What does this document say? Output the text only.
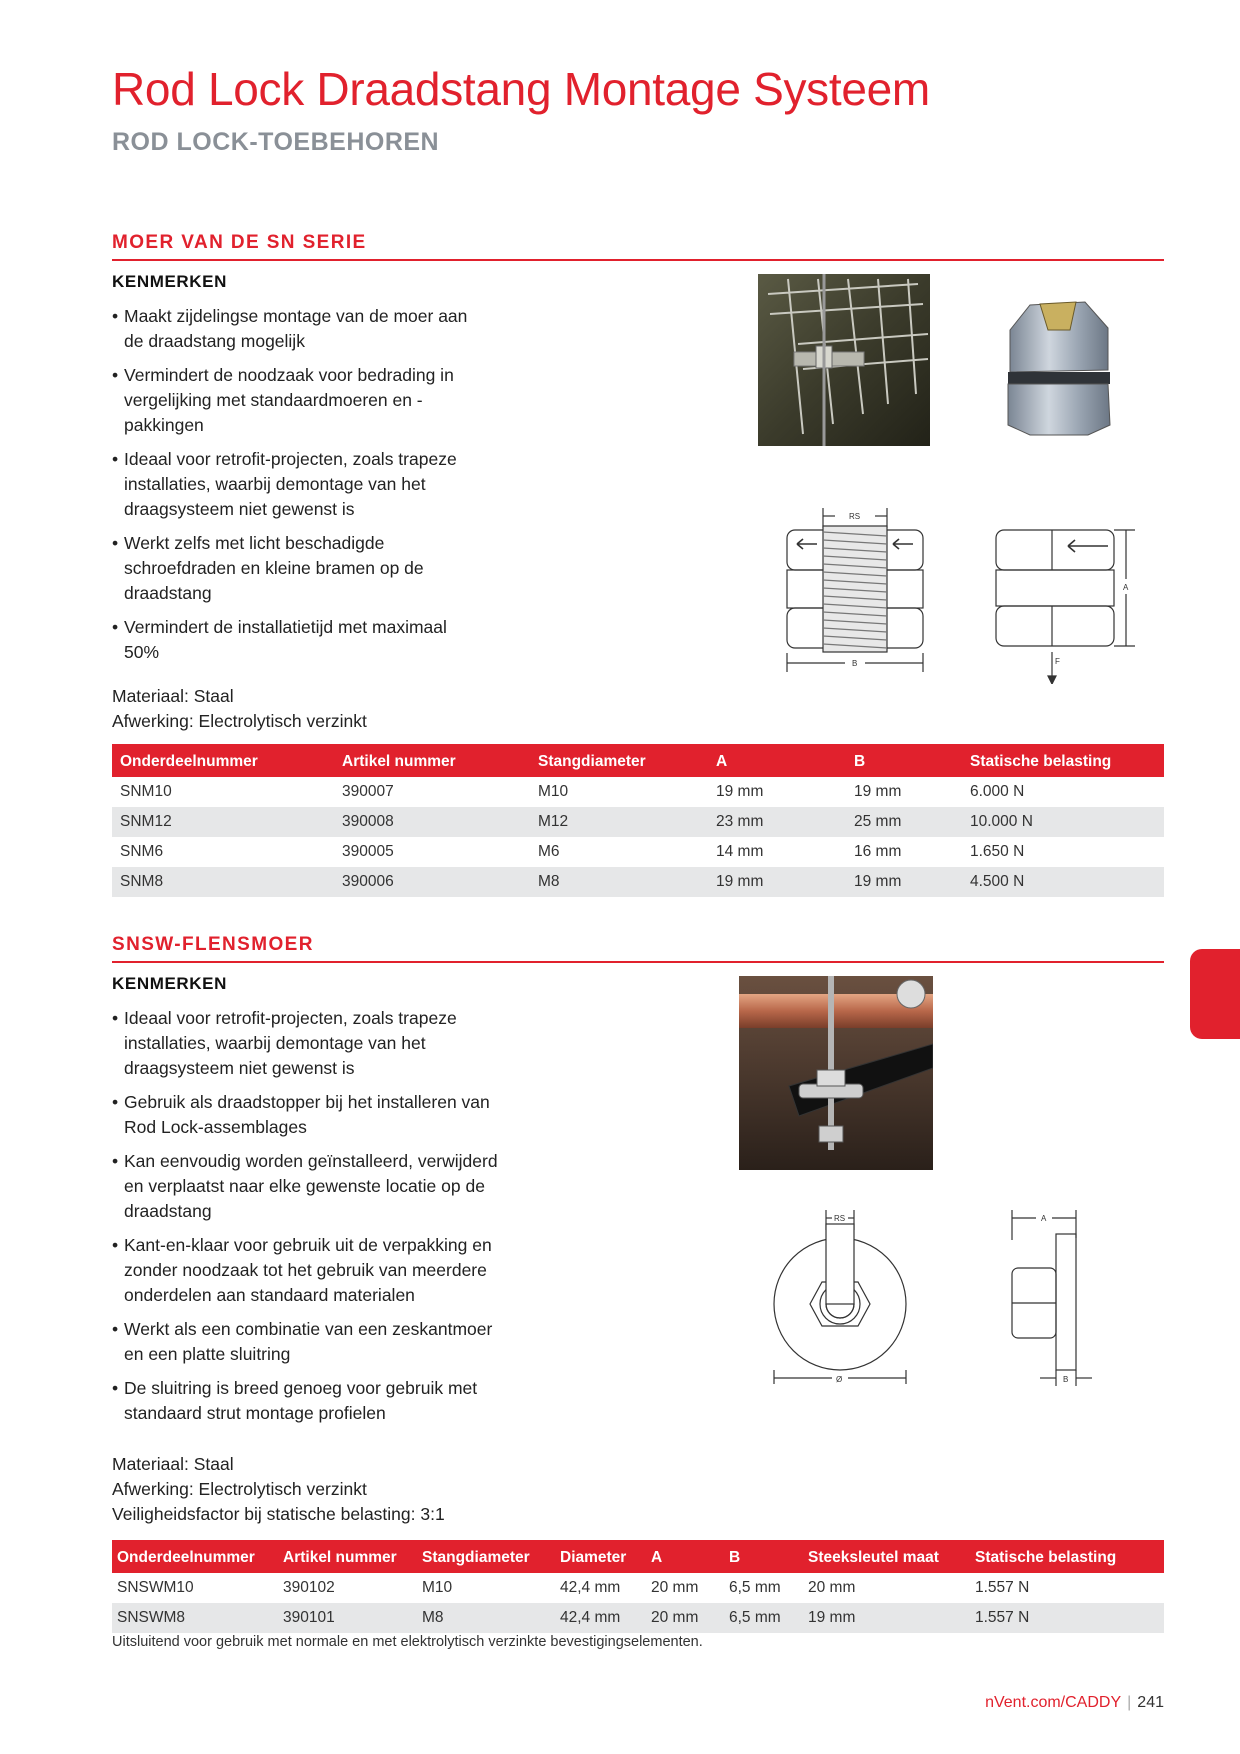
Rod Lock Draadstang Montage Systeem
ROD LOCK-TOEBEHOREN
MOER VAN DE SN SERIE
KENMERKEN
• Maakt zijdelingse montage van de moer aan de draadstang mogelijk
• Vermindert de noodzaak voor bedrading in vergelijking met standaardmoeren en -pakkingen
• Ideaal voor retrofit-projecten, zoals trapeze installaties, waarbij demontage van het draagsysteem niet gewenst is
• Werkt zelfs met licht beschadigde schroefdraden en kleine bramen op de draadstang
• Vermindert de installatietijd met maximaal 50%
Materiaal: Staal
Afwerking: Electrolytisch verzinkt
RS
B
A
F
Onderdeelnummer	Artikel nummer	Stangdiameter	A	B	Statische belasting
SNM10	390007	M10	19 mm	19 mm	6.000 N
SNM12	390008	M12	23 mm	25 mm	10.000 N
SNM6	390005	M6	14 mm	16 mm	1.650 N
SNM8	390006	M8	19 mm	19 mm	4.500 N
SNSW-FLENSMOER
KENMERKEN
• Ideaal voor retrofit-projecten, zoals trapeze installaties, waarbij demontage van het draagsysteem niet gewenst is
• Gebruik als draadstopper bij het installeren van Rod Lock-assemblages
• Kan eenvoudig worden geïnstalleerd, verwijderd en verplaatst naar elke gewenste locatie op de draadstang
• Kant-en-klaar voor gebruik uit de verpakking en zonder noodzaak tot het gebruik van meerdere onderdelen aan standaard materialen
• Werkt als een combinatie van een zeskantmoer en een platte sluitring
• De sluitring is breed genoeg voor gebruik met standaard strut montage profielen
Materiaal: Staal
Afwerking: Electrolytisch verzinkt
Veiligheidsfactor bij statische belasting: 3:1
RS
Ø
A
B
Onderdeelnummer	Artikel nummer	Stangdiameter	Diameter	A	B	Steeksleutel maat	Statische belasting
SNSWM10	390102	M10	42,4 mm	20 mm	6,5 mm	20 mm	1.557 N
SNSWM8	390101	M8	42,4 mm	20 mm	6,5 mm	19 mm	1.557 N
Uitsluitend voor gebruik met normale en met elektrolytisch verzinkte bevestigingselementen.
nVent.com/CADDY | 241
